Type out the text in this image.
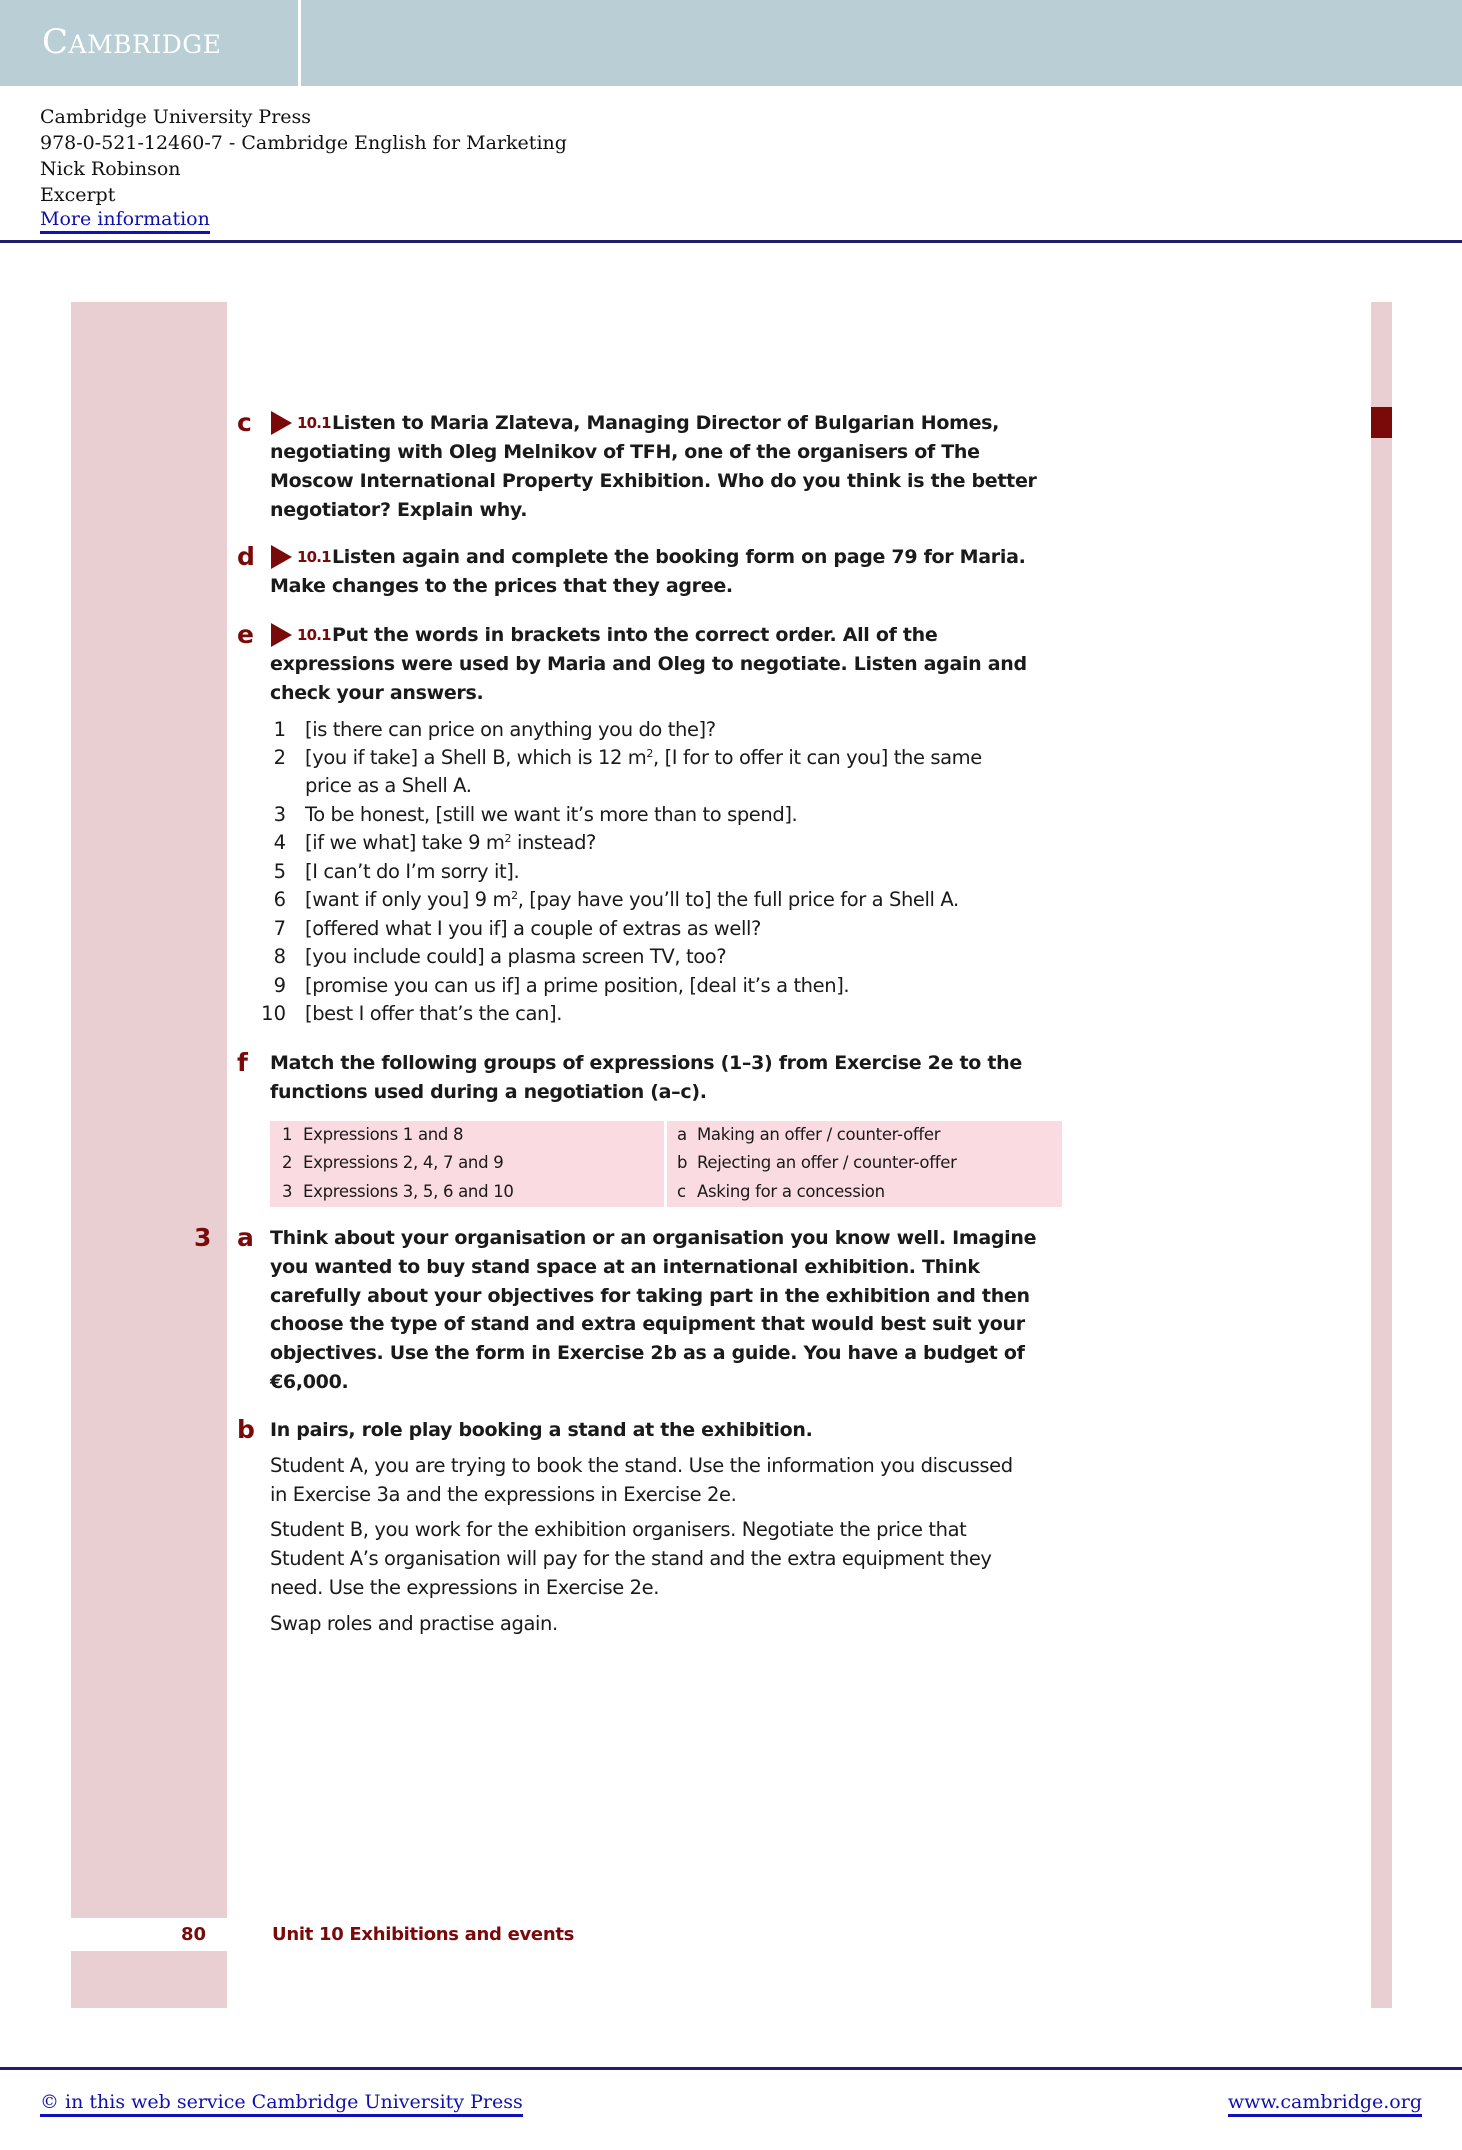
CAMBRIDGE
Cambridge University Press
978-0-521-12460-7 - Cambridge English for Marketing
Nick Robinson
Excerpt
More information
c	10.1 Listen to Maria Zlateva, Managing Director of Bulgarian Homes,
negotiating with Oleg Melnikov of TFH, one of the organisers of The
Moscow International Property Exhibition. Who do you think is the better
negotiator? Explain why.
d	10.1 Listen again and complete the booking form on page 79 for Maria.
Make changes to the prices that they agree.
e	10.1 Put the words in brackets into the correct order. All of the
expressions were used by Maria and Oleg to negotiate. Listen again and
check your answers.
1 [is there can price on anything you do the]?
2 [you if take] a Shell B, which is 12 $m^2$, [I for to offer it can you] the same
price as a Shell A.
3 To be honest, [still we want it’s more than to spend].
4 [if we what] take 9 $m^2$ instead?
5 [I can’t do I’m sorry it].
6 [want if only you] 9 $m^2$, [pay have you’ll to] the full price for a Shell A.
7 [offered what I you if] a couple of extras as well?
8 [you include could] a plasma screen TV, too?
9 [promise you can us if] a prime position, [deal it’s a then].
10 [best I offer that’s the can].
f Match the following groups of expressions (1–3) from Exercise 2e to the
functions used during a negotiation (a–c).
1 Expressions 1 and 8	a Making an offer / counter-offer
2 Expressions 2, 4, 7 and 9	b Rejecting an offer / counter-offer
3 Expressions 3, 5, 6 and 10	c Asking for a concession
3 a Think about your organisation or an organisation you know well. Imagine
you wanted to buy stand space at an international exhibition. Think
carefully about your objectives for taking part in the exhibition and then
choose the type of stand and extra equipment that would best suit your
objectives. Use the form in Exercise 2b as a guide. You have a budget of
€6,000.
b In pairs, role play booking a stand at the exhibition.
Student A, you are trying to book the stand. Use the information you discussed
in Exercise 3a and the expressions in Exercise 2e.
Student B, you work for the exhibition organisers. Negotiate the price that
Student A’s organisation will pay for the stand and the extra equipment they
need. Use the expressions in Exercise 2e.
Swap roles and practise again.
80	Unit 10 Exhibitions and events
© in this web service Cambridge University Press	www.cambridge.org
